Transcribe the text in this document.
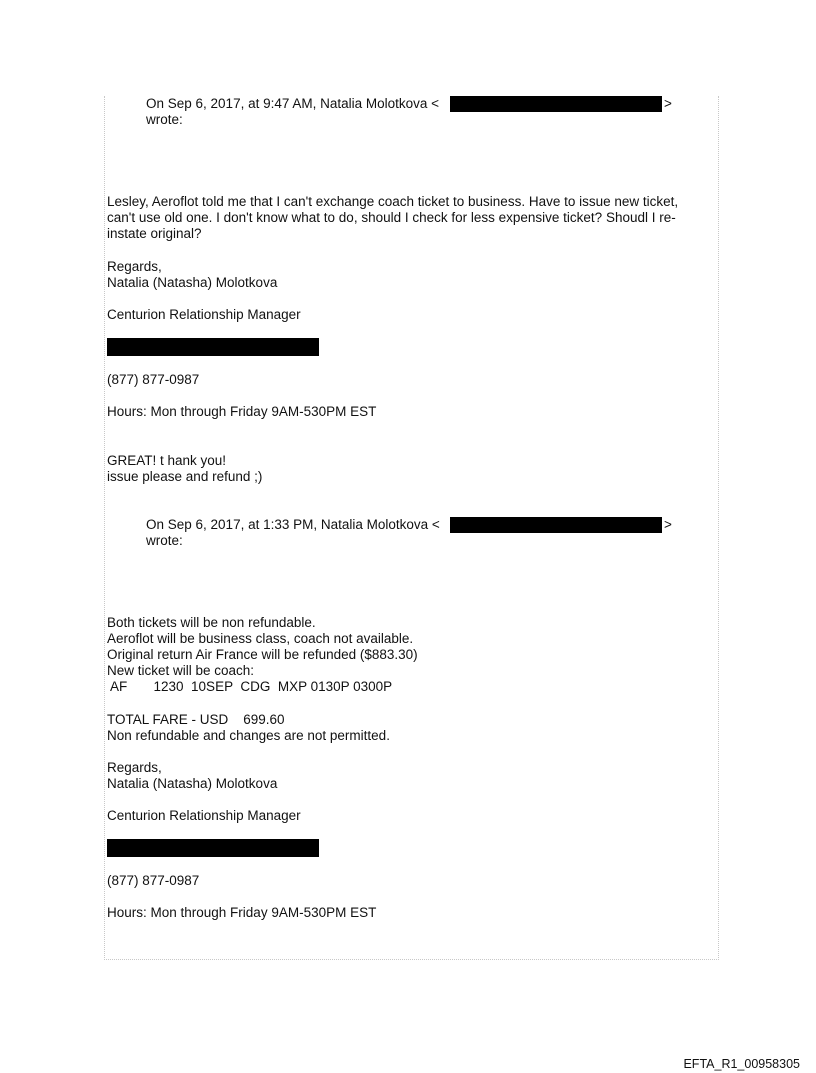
On Sep 6, 2017, at 9:47 AM, Natalia Molotkova <	>
wrote:
Lesley, Aeroflot told me that I can't exchange coach ticket to business. Have to issue new ticket, can't use old one. I don't know what to do, should I check for less expensive ticket? Shoudl I re-instate original?
Regards,
Natalia (Natasha) Molotkova
Centurion Relationship Manager
(877) 877-0987
Hours: Mon through Friday 9AM-530PM EST
GREAT! t hank you!
issue please and refund ;)
On Sep 6, 2017, at 1:33 PM, Natalia Molotkova <	>
wrote:
Both tickets will be non refundable.
Aeroflot will be business class, coach not available.
Original return Air France will be refunded ($883.30)
New ticket will be coach:
AF       1230  10SEP  CDG  MXP 0130P 0300P
TOTAL FARE - USD    699.60
Non refundable and changes are not permitted.
Regards,
Natalia (Natasha) Molotkova
Centurion Relationship Manager
(877) 877-0987
Hours: Mon through Friday 9AM-530PM EST
EFTA_R1_00958305
